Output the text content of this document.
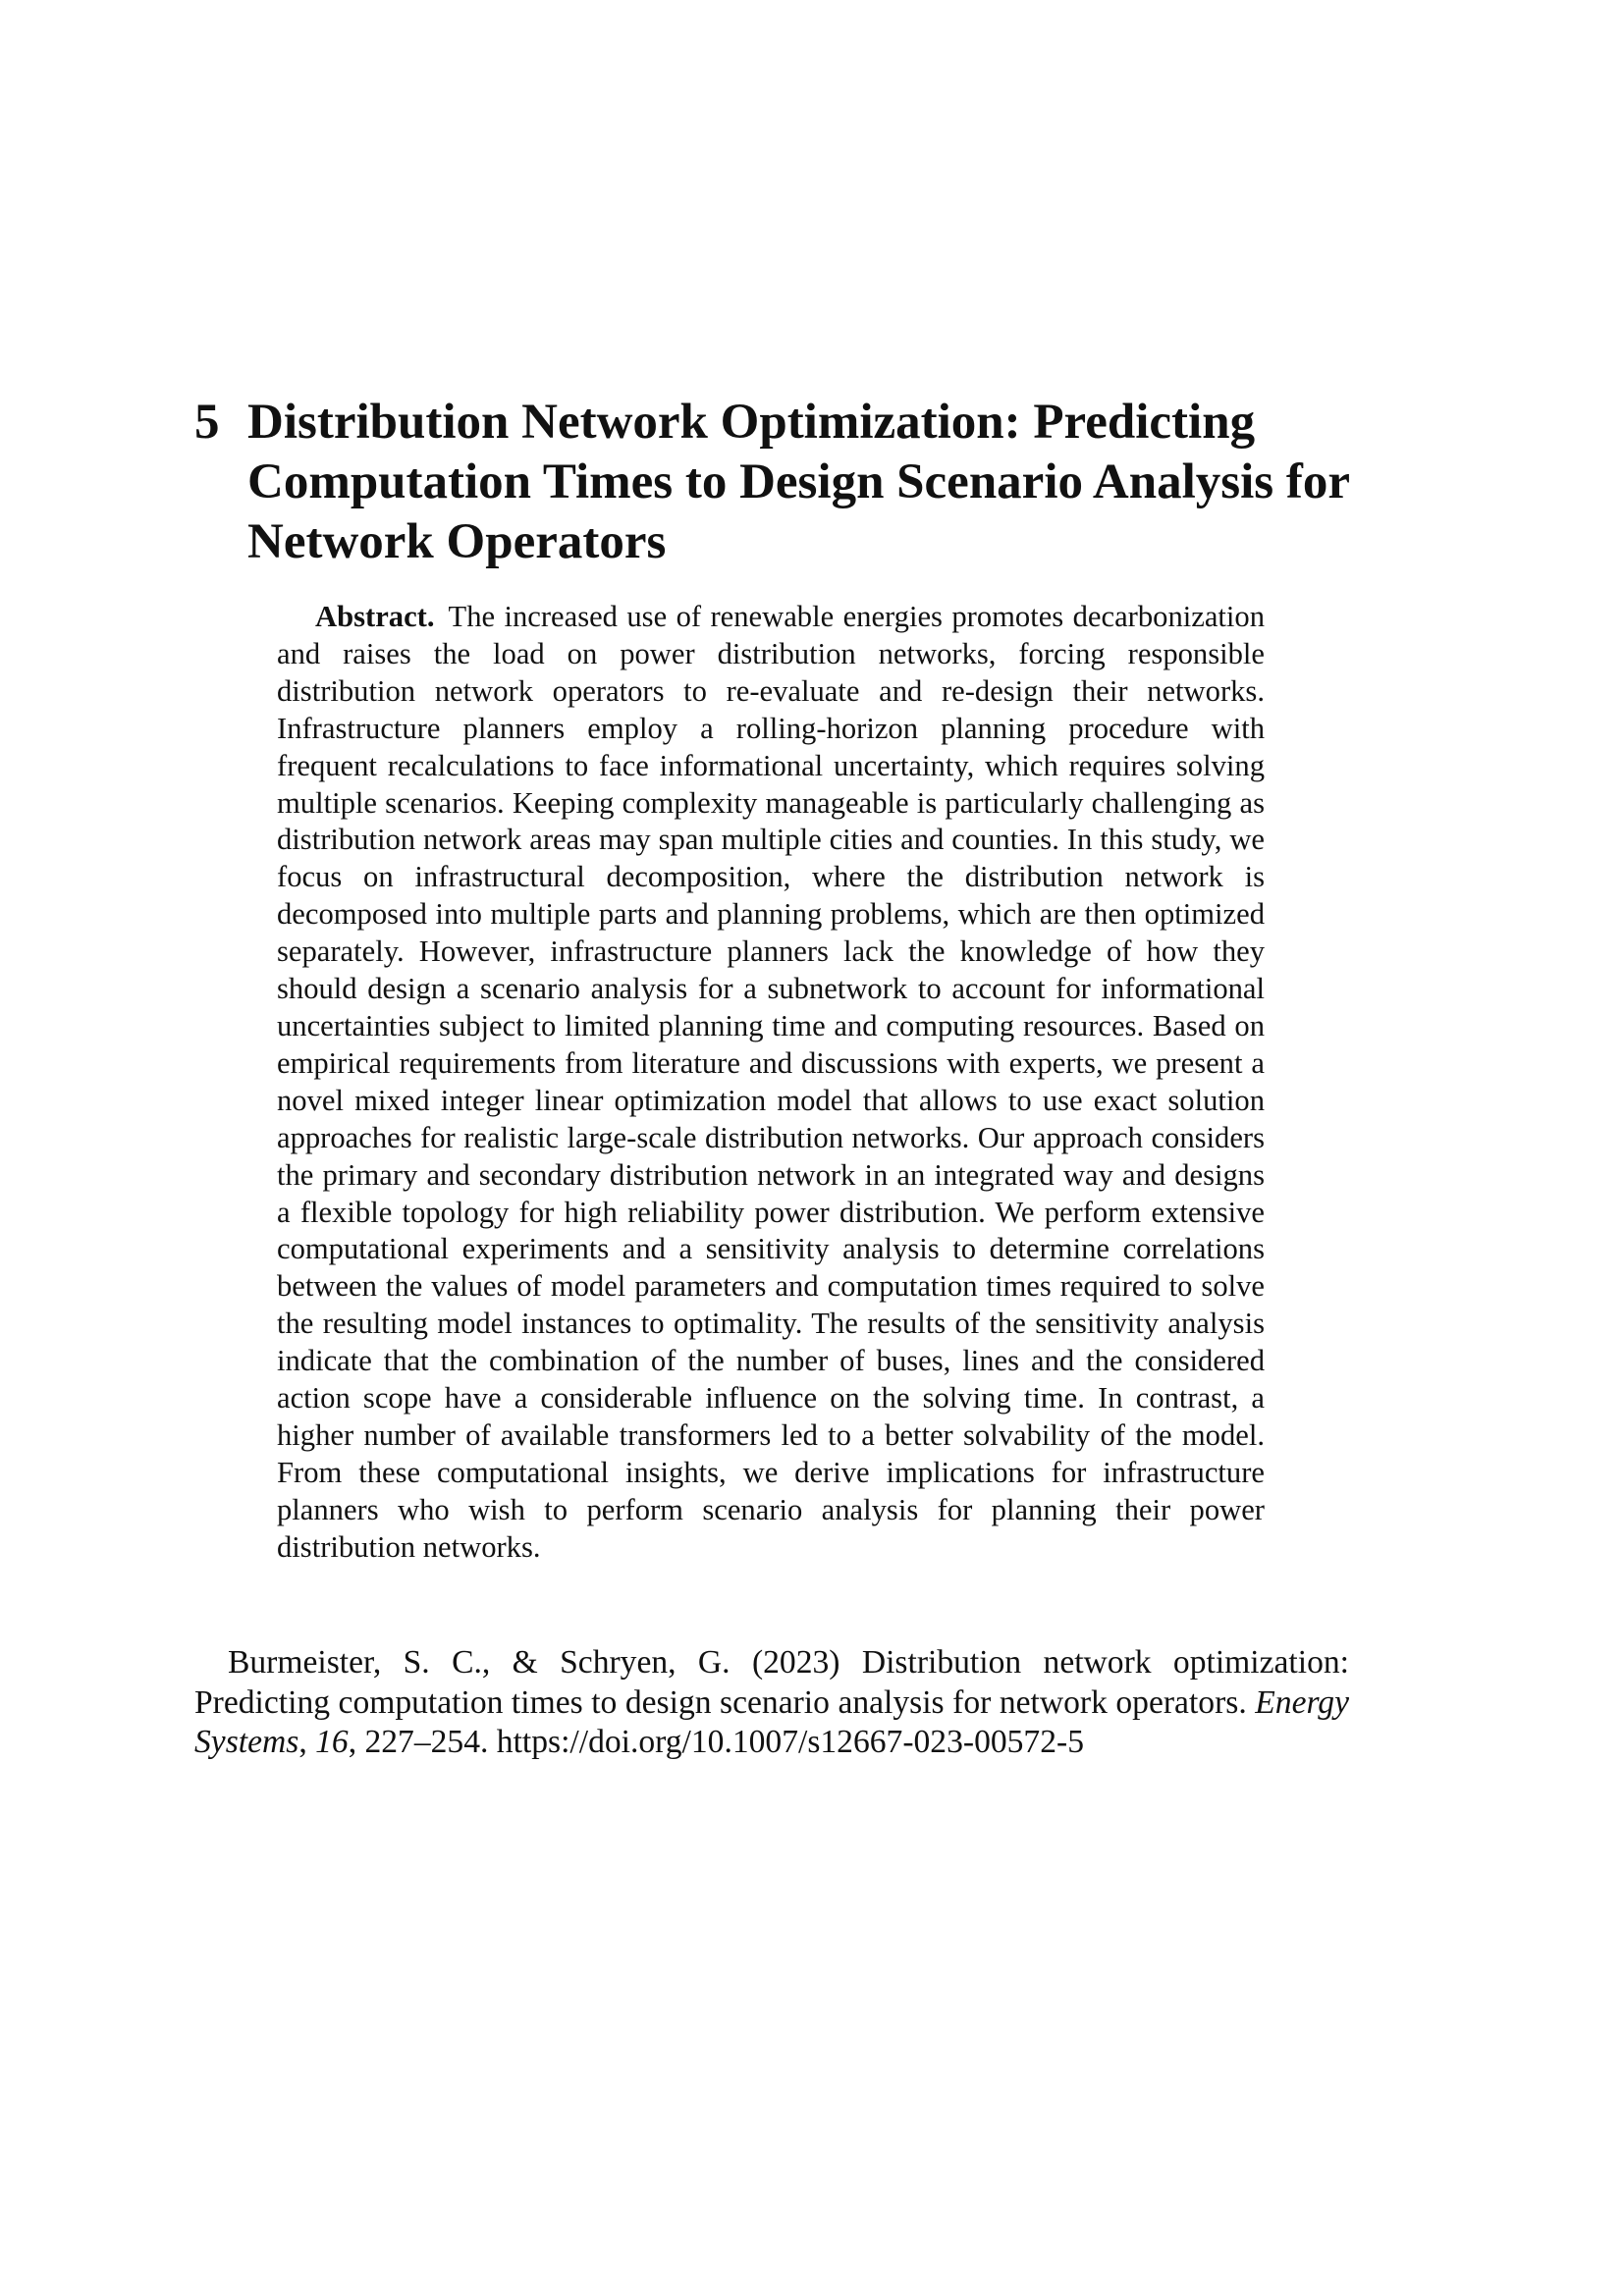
5 Distribution Network Optimization: Predicting Computation Times to Design Scenario Analysis for Network Operators
Abstract. The increased use of renewable energies promotes decarbonization and raises the load on power distribution networks, forcing responsible distribution network operators to re-evaluate and re-design their networks. Infrastructure planners employ a rolling-horizon planning procedure with frequent recalculations to face informational uncertainty, which requires solving multiple scenarios. Keeping complexity manageable is particularly challenging as distribution network areas may span multiple cities and counties. In this study, we focus on infrastructural decomposition, where the distribution network is decomposed into multiple parts and planning problems, which are then optimized separately. However, infrastructure planners lack the knowledge of how they should design a scenario analysis for a subnetwork to account for informational uncertainties subject to limited planning time and computing resources. Based on empirical requirements from literature and discussions with experts, we present a novel mixed integer linear optimization model that allows to use exact solution approaches for realistic large-scale distribution networks. Our approach considers the primary and secondary distribution network in an integrated way and designs a flexible topology for high reliability power distribution. We perform extensive computational experiments and a sensitivity analysis to determine correlations between the values of model parameters and computation times required to solve the resulting model instances to optimality. The results of the sensitivity analysis indicate that the combination of the number of buses, lines and the considered action scope have a considerable influence on the solving time. In contrast, a higher number of available transformers led to a better solvability of the model. From these computational insights, we derive implications for infrastructure planners who wish to perform scenario analysis for planning their power distribution networks.
Burmeister, S. C., & Schryen, G. (2023) Distribution network optimization: Predicting computation times to design scenario analysis for network operators. Energy Systems, 16, 227–254. https://doi.org/10.1007/s12667-023-00572-5
